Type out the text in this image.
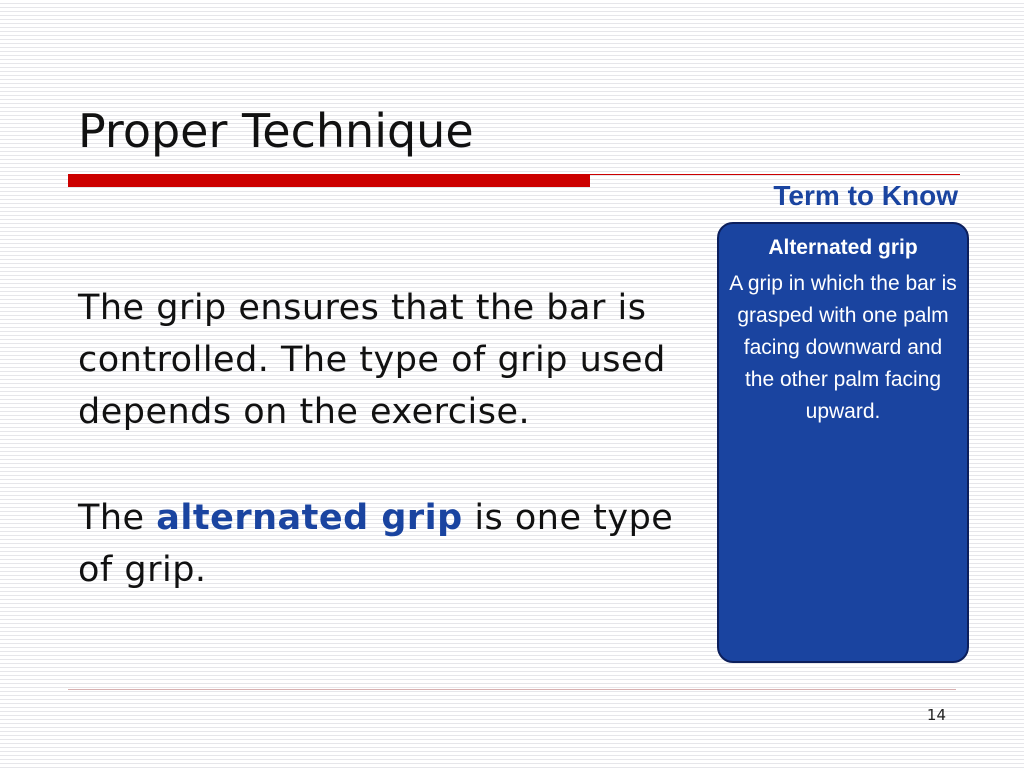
Proper Technique

The grip ensures that the bar is controlled. The type of grip used depends on the exercise.

The alternated grip is one type of grip.

Term to Know
Alternated grip
A grip in which the bar is grasped with one palm facing downward and the other palm facing upward.
14
